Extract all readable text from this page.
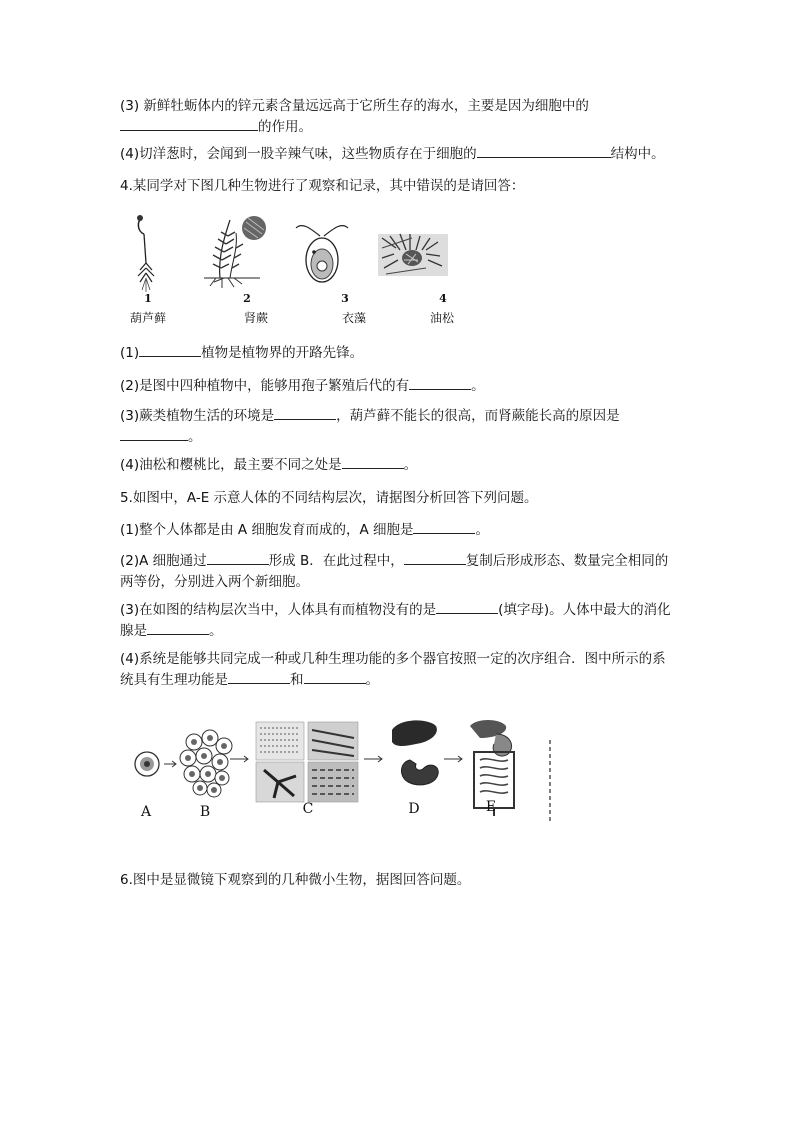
(3) 新鲜牡蛎体内的锌元素含量远远高于它所生存的海水，主要是因为细胞中的
的作用。

(4)切洋葱时，会闻到一股辛辣气味，这些物质存在于细胞的	结构中。

4.某同学对下图几种生物进行了观察和记录，其中错误的是请回答：

1	2	3	4
葫芦藓	肾蕨	衣藻	油松

(1)	植物是植物界的开路先锋。

(2)是图中四种植物中，能够用孢子繁殖后代的有	。

(3)蕨类植物生活的环境是	，葫芦藓不能长的很高，而肾蕨能长高的原因是
。

(4)油松和樱桃比，最主要不同之处是	。

5.如图中，A-E 示意人体的不同结构层次，请据图分析回答下列问题。

(1)整个人体都是由 A 细胞发育而成的，A 细胞是	。

(2)A 细胞通过	形成 B．在此过程中，	复制后形成形态、数量完全相同的两等份，分别进入两个新细胞。

(3)在如图的结构层次当中，人体具有而植物没有的是	(填字母)。人体中最大的消化腺是	。

(4)系统是能够共同完成一种或几种生理功能的多个器官按照一定的次序组合．图中所示的系统具有生理功能是	和	。

A	B	C	D	E

6.图中是显微镜下观察到的几种微小生物，据图回答问题。
